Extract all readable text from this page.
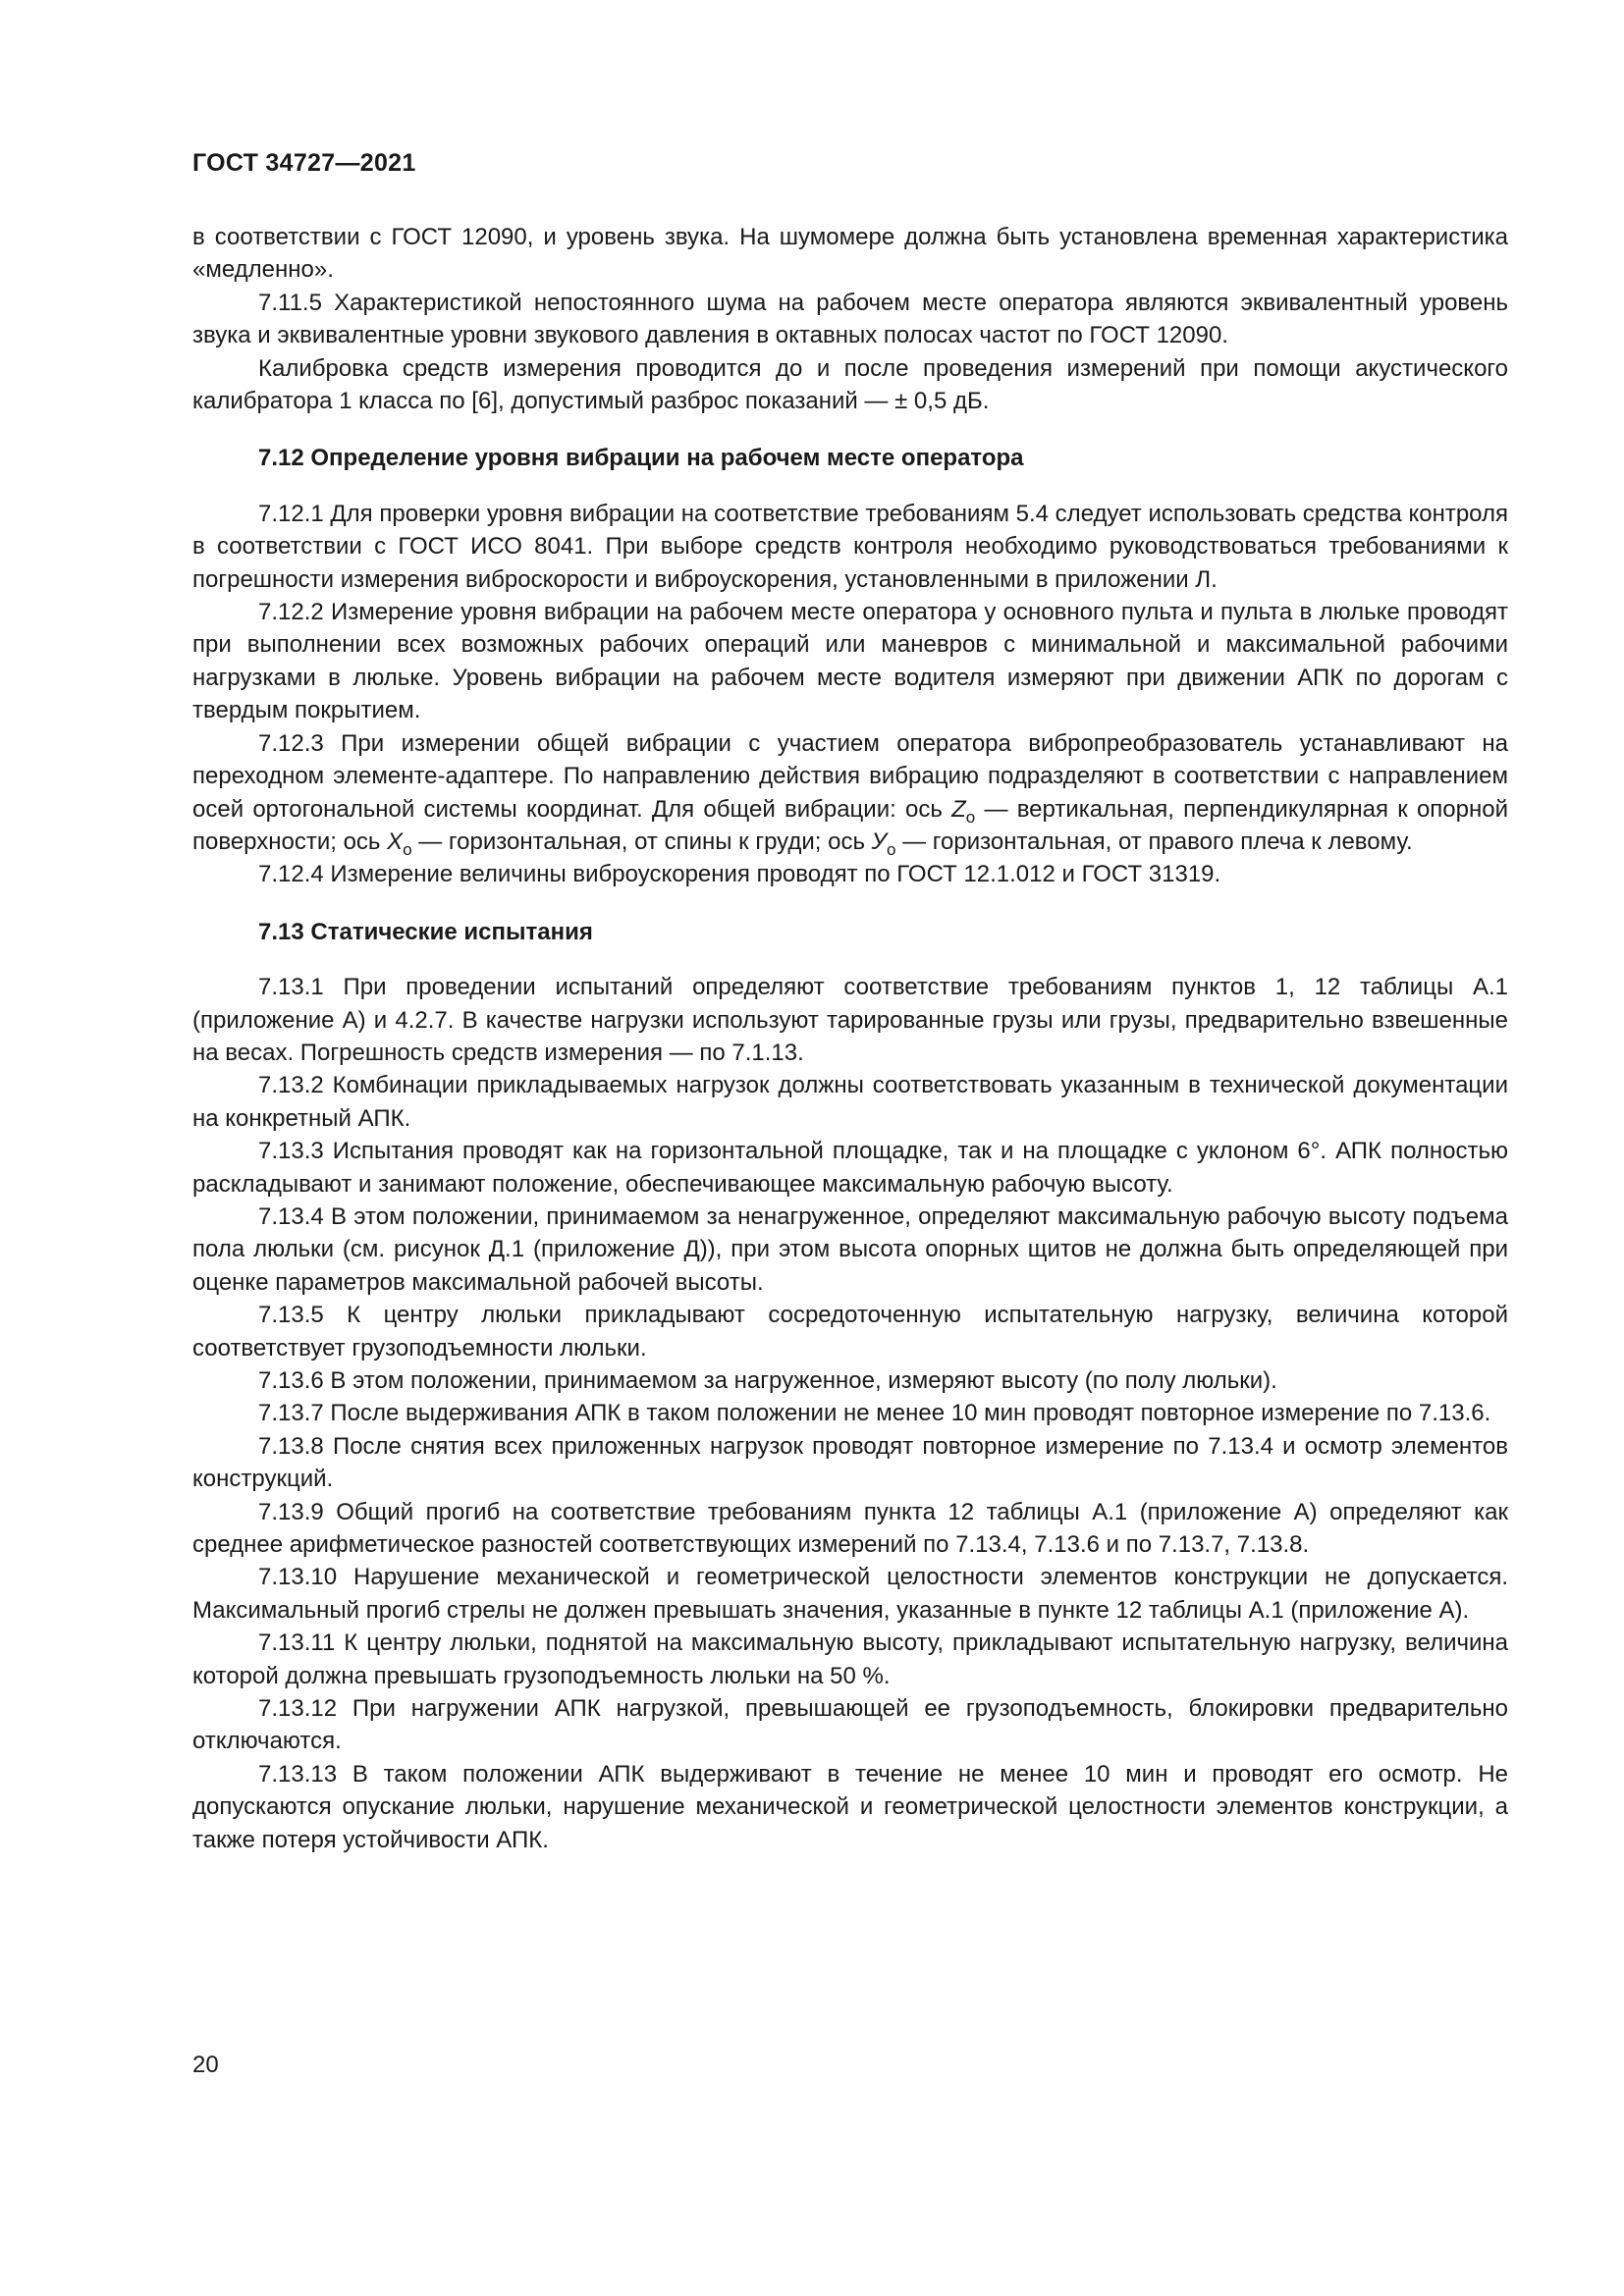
ГОСТ 34727—2021

в соответствии с ГОСТ 12090, и уровень звука. На шумомере должна быть установлена временная характеристика «медленно».

7.11.5 Характеристикой непостоянного шума на рабочем месте оператора являются эквивалентный уровень звука и эквивалентные уровни звукового давления в октавных полосах частот по ГОСТ 12090.

Калибровка средств измерения проводится до и после проведения измерений при помощи акустического калибратора 1 класса по [6], допустимый разброс показаний — ± 0,5 дБ.

7.12 Определение уровня вибрации на рабочем месте оператора

7.12.1 Для проверки уровня вибрации на соответствие требованиям 5.4 следует использовать средства контроля в соответствии с ГОСТ ИСО 8041. При выборе средств контроля необходимо руководствоваться требованиями к погрешности измерения виброскорости и виброускорения, установленными в приложении Л.

7.12.2 Измерение уровня вибрации на рабочем месте оператора у основного пульта и пульта в люльке проводят при выполнении всех возможных рабочих операций или маневров с минимальной и максимальной рабочими нагрузками в люльке. Уровень вибрации на рабочем месте водителя измеряют при движении АПК по дорогам с твердым покрытием.

7.12.3 При измерении общей вибрации с участием оператора вибропреобразователь устанавливают на переходном элементе-адаптере. По направлению действия вибрацию подразделяют в соответствии с направлением осей ортогональной системы координат. Для общей вибрации: ось $Z_о$ — вертикальная, перпендикулярная к опорной поверхности; ось $X_о$ — горизонтальная, от спины к груди; ось $У_о$ — горизонтальная, от правого плеча к левому.

7.12.4 Измерение величины виброускорения проводят по ГОСТ 12.1.012 и ГОСТ 31319.

7.13 Статические испытания

7.13.1 При проведении испытаний определяют соответствие требованиям пунктов 1, 12 таблицы А.1 (приложение А) и 4.2.7. В качестве нагрузки используют тарированные грузы или грузы, предварительно взвешенные на весах. Погрешность средств измерения — по 7.1.13.

7.13.2 Комбинации прикладываемых нагрузок должны соответствовать указанным в технической документации на конкретный АПК.

7.13.3 Испытания проводят как на горизонтальной площадке, так и на площадке с уклоном 6°. АПК полностью раскладывают и занимают положение, обеспечивающее максимальную рабочую высоту.

7.13.4 В этом положении, принимаемом за ненагруженное, определяют максимальную рабочую высоту подъема пола люльки (см. рисунок Д.1 (приложение Д)), при этом высота опорных щитов не должна быть определяющей при оценке параметров максимальной рабочей высоты.

7.13.5 К центру люльки прикладывают сосредоточенную испытательную нагрузку, величина которой соответствует грузоподъемности люльки.

7.13.6 В этом положении, принимаемом за нагруженное, измеряют высоту (по полу люльки).

7.13.7 После выдерживания АПК в таком положении не менее 10 мин проводят повторное измерение по 7.13.6.

7.13.8 После снятия всех приложенных нагрузок проводят повторное измерение по 7.13.4 и осмотр элементов конструкций.

7.13.9 Общий прогиб на соответствие требованиям пункта 12 таблицы А.1 (приложение А) определяют как среднее арифметическое разностей соответствующих измерений по 7.13.4, 7.13.6 и по 7.13.7, 7.13.8.

7.13.10 Нарушение механической и геометрической целостности элементов конструкции не допускается. Максимальный прогиб стрелы не должен превышать значения, указанные в пункте 12 таблицы А.1 (приложение А).

7.13.11 К центру люльки, поднятой на максимальную высоту, прикладывают испытательную нагрузку, величина которой должна превышать грузоподъемность люльки на 50 %.

7.13.12 При нагружении АПК нагрузкой, превышающей ее грузоподъемность, блокировки предварительно отключаются.

7.13.13 В таком положении АПК выдерживают в течение не менее 10 мин и проводят его осмотр. Не допускаются опускание люльки, нарушение механической и геометрической целостности элементов конструкции, а также потеря устойчивости АПК.

20
